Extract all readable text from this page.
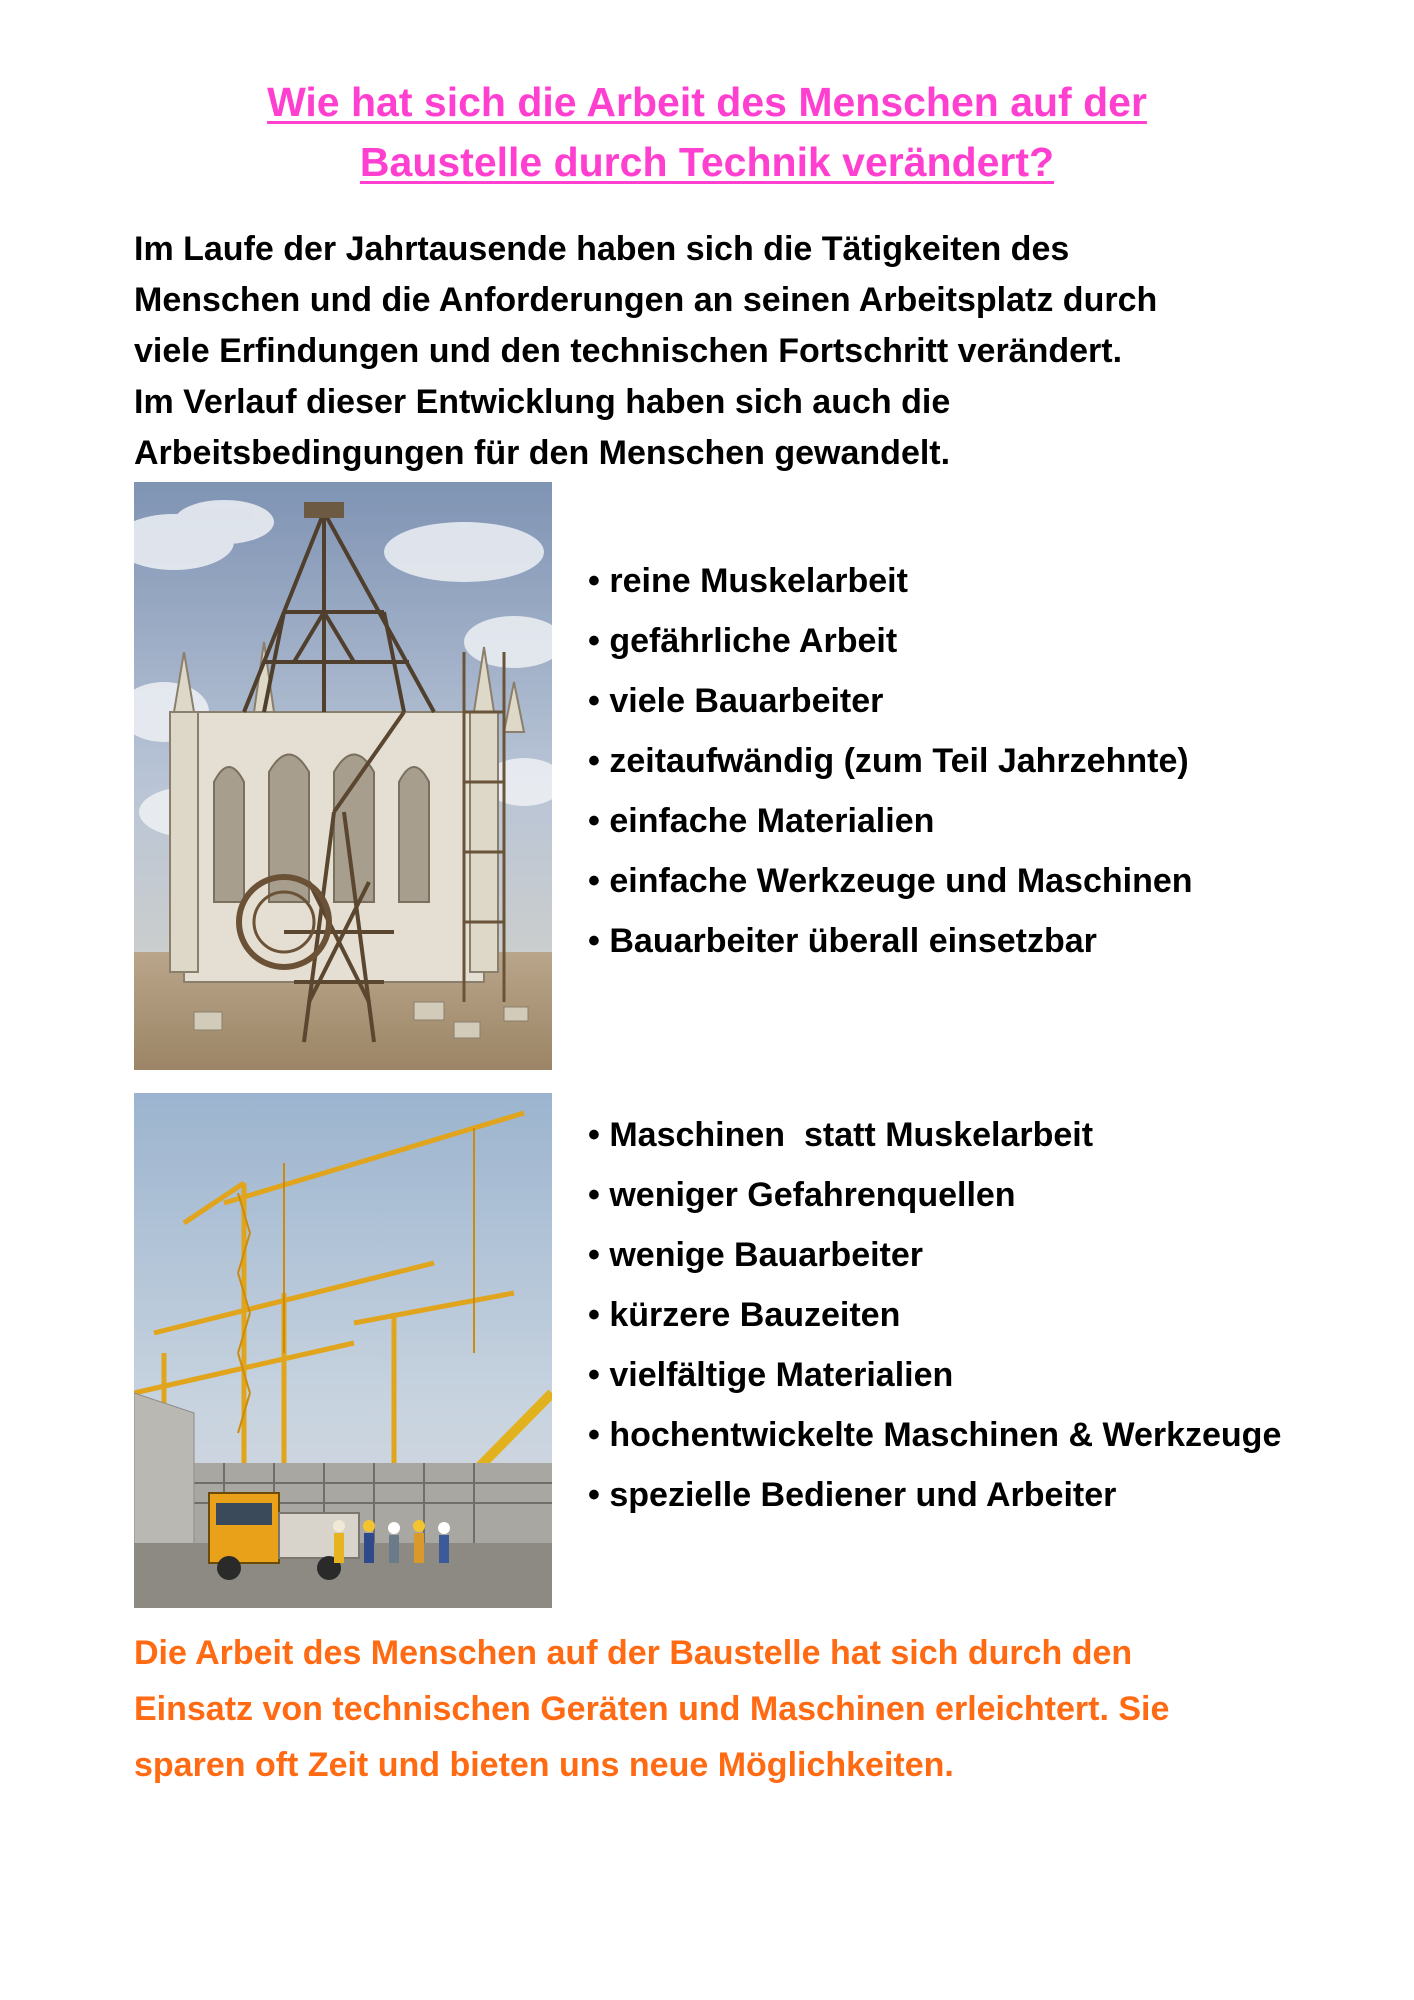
Wie hat sich die Arbeit des Menschen auf der
Baustelle durch Technik verändert?
Im Laufe der Jahrtausende haben sich die Tätigkeiten des
Menschen und die Anforderungen an seinen Arbeitsplatz durch
viele Erfindungen und den technischen Fortschritt verändert.
Im Verlauf dieser Entwicklung haben sich auch die
Arbeitsbedingungen für den Menschen gewandelt.
• reine Muskelarbeit
• gefährliche Arbeit
• viele Bauarbeiter
• zeitaufwändig (zum Teil Jahrzehnte)
• einfache Materialien
• einfache Werkzeuge und Maschinen
• Bauarbeiter überall einsetzbar
• Maschinen  statt Muskelarbeit
• weniger Gefahrenquellen
• wenige Bauarbeiter
• kürzere Bauzeiten
• vielfältige Materialien
• hochentwickelte Maschinen & Werkzeuge
• spezielle Bediener und Arbeiter
Die Arbeit des Menschen auf der Baustelle hat sich durch den
Einsatz von technischen Geräten und Maschinen erleichtert. Sie
sparen oft Zeit und bieten uns neue Möglichkeiten.
